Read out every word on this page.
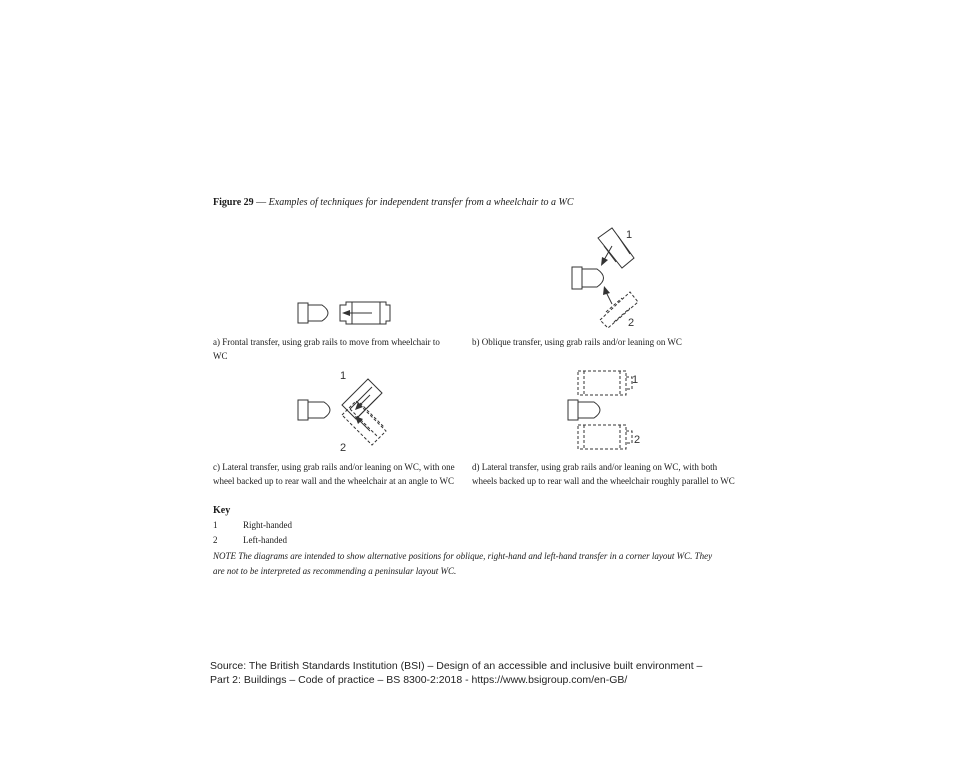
Figure 29 — Examples of techniques for independent transfer from a wheelchair to a WC
1
2
1
2
1
2
a) Frontal transfer, using grab rails to move from wheelchair to WC
b) Oblique transfer, using grab rails and/or leaning on WC
c) Lateral transfer, using grab rails and/or leaning on WC, with one wheel backed up to rear wall and the wheelchair at an angle to WC
d) Lateral transfer, using grab rails and/or leaning on WC, with both wheels backed up to rear wall and the wheelchair roughly parallel to WC
Key
1	Right-handed
2	Left-handed
NOTE The diagrams are intended to show alternative positions for oblique, right-hand and left-hand transfer in a corner layout WC. They are not to be interpreted as recommending a peninsular layout WC.
Source: The British Standards Institution (BSI) – Design of an accessible and inclusive built environment –
Part 2: Buildings – Code of practice – BS 8300-2:2018 - https://www.bsigroup.com/en-GB/
